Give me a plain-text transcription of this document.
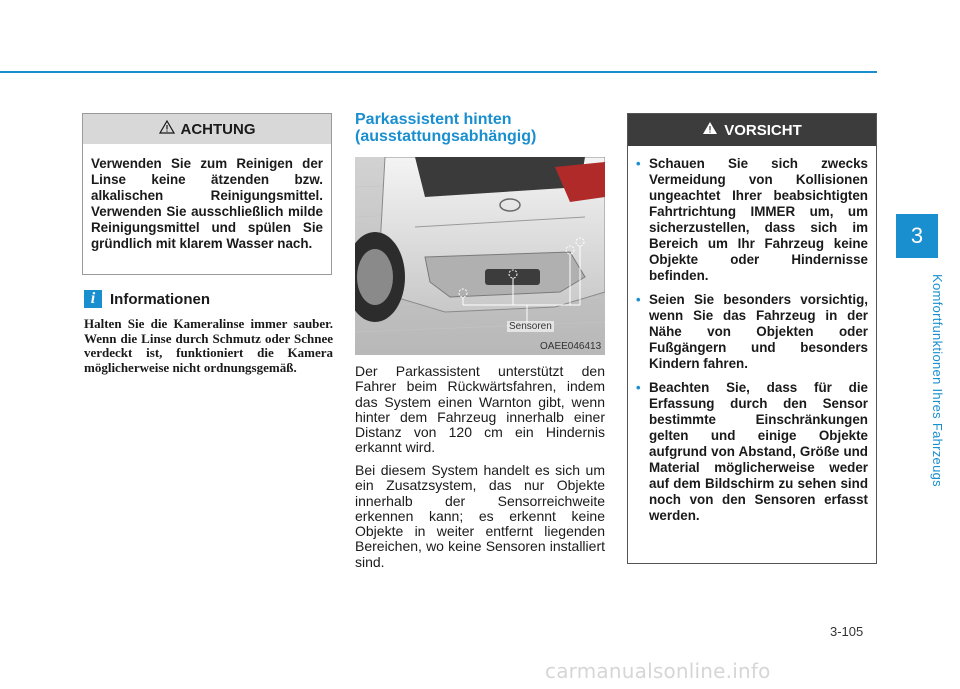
3
Komfortfunktionen Ihres Fahrzeugs
ACHTUNG
Verwenden Sie zum Reinigen der Linse keine ätzenden bzw. alkalischen Reinigungsmittel. Verwenden Sie ausschließlich milde Reinigungsmittel und spülen Sie gründlich mit klarem Wasser nach.
i Informationen
Halten Sie die Kameralinse immer sauber. Wenn die Linse durch Schmutz oder Schnee verdeckt ist, funktioniert die Kamera möglicherweise nicht ordnungsgemäß.
Parkassistent hinten
(ausstattungsabhängig)
Sensoren
OAEE046413

Der Parkassistent unterstützt den Fahrer beim Rückwärtsfahren, indem das System einen Warnton gibt, wenn hinter dem Fahrzeug innerhalb einer Distanz von 120 cm ein Hindernis erkannt wird.

Bei diesem System handelt es sich um ein Zusatzsystem, das nur Objekte innerhalb der Sensorreichweite erkennen kann; es erkennt keine Objekte in weiter entfernt liegenden Bereichen, wo keine Sensoren installiert sind.

VORSICHT
• Schauen Sie sich zwecks Vermeidung von Kollisionen ungeachtet Ihrer beabsichtigten Fahrtrichtung IMMER um, um sicherzustellen, dass sich im Bereich um Ihr Fahrzeug keine Objekte oder Hindernisse befinden.
• Seien Sie besonders vorsichtig, wenn Sie das Fahrzeug in der Nähe von Objekten oder Fußgängern und besonders Kindern fahren.
• Beachten Sie, dass für die Erfassung durch den Sensor bestimmte Einschränkungen gelten und einige Objekte aufgrund von Abstand, Größe und Material möglicherweise weder auf dem Bildschirm zu sehen sind noch von den Sensoren erfasst werden.
3-105
carmanualsonline.info
